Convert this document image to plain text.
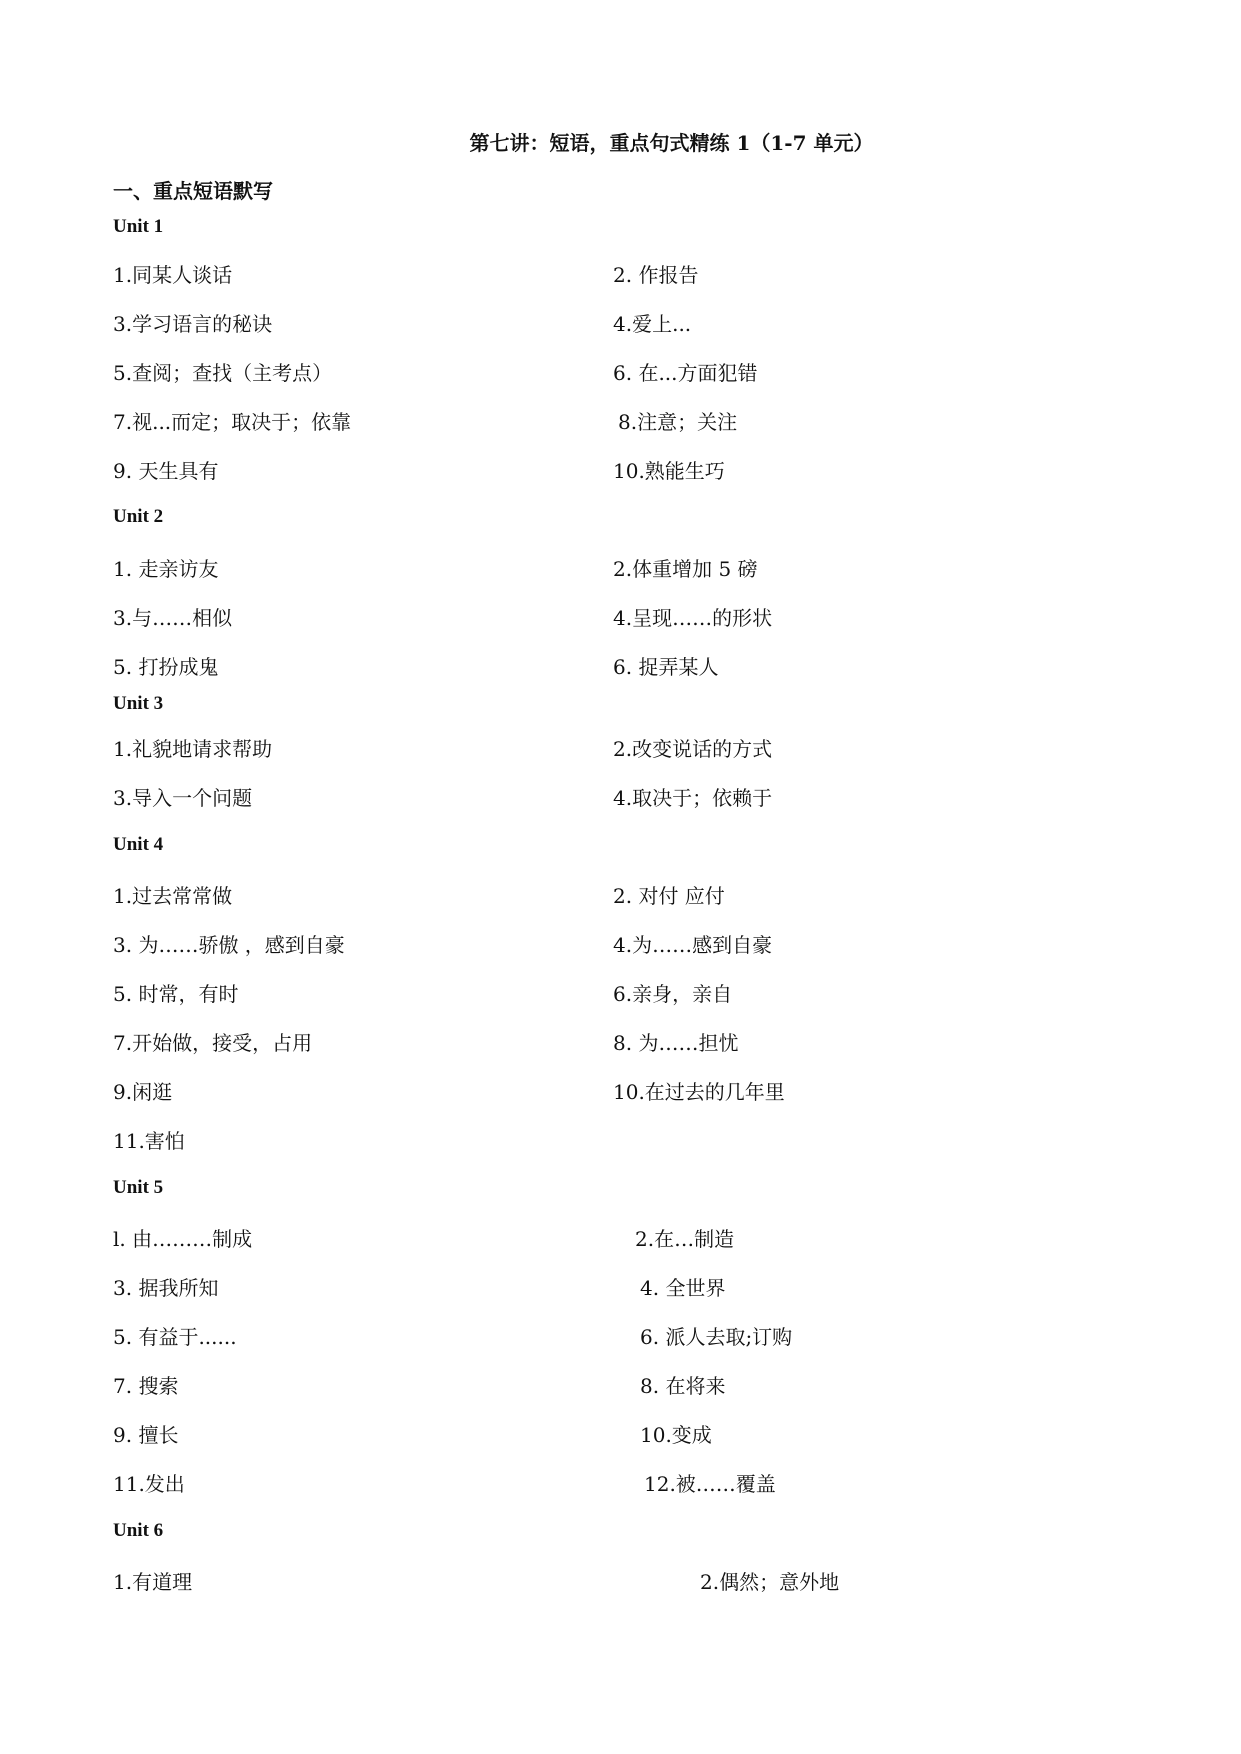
第七讲：短语，重点句式精练 1（1-7 单元）
一、重点短语默写
Unit 1
1.同某人谈话	2. 作报告
3.学习语言的秘诀	4.爱上...
5.查阅；查找（主考点）	6. 在...方面犯错
7.视...而定；取决于；依靠	8.注意；关注
9. 天生具有	10.熟能生巧
Unit 2
1. 走亲访友	2.体重增加 5 磅
3.与……相似	4.呈现……的形状
5. 打扮成鬼	6. 捉弄某人
Unit 3
1.礼貌地请求帮助	2.改变说话的方式
3.导入一个问题	4.取决于；依赖于
Unit 4
1.过去常常做	2. 对付 应付
3. 为……骄傲 ，感到自豪	4.为……感到自豪
5. 时常，有时	6.亲身，亲自
7.开始做，接受，占用	8. 为……担忧
9.闲逛	10.在过去的几年里
11.害怕
Unit 5
l. 由………制成	2.在…制造
3. 据我所知	4. 全世界
5. 有益于......	6. 派人去取;订购
7. 搜索	8. 在将来
9. 擅长	10.变成
11.发出	12.被……覆盖
Unit 6
1.有道理	2.偶然；意外地
